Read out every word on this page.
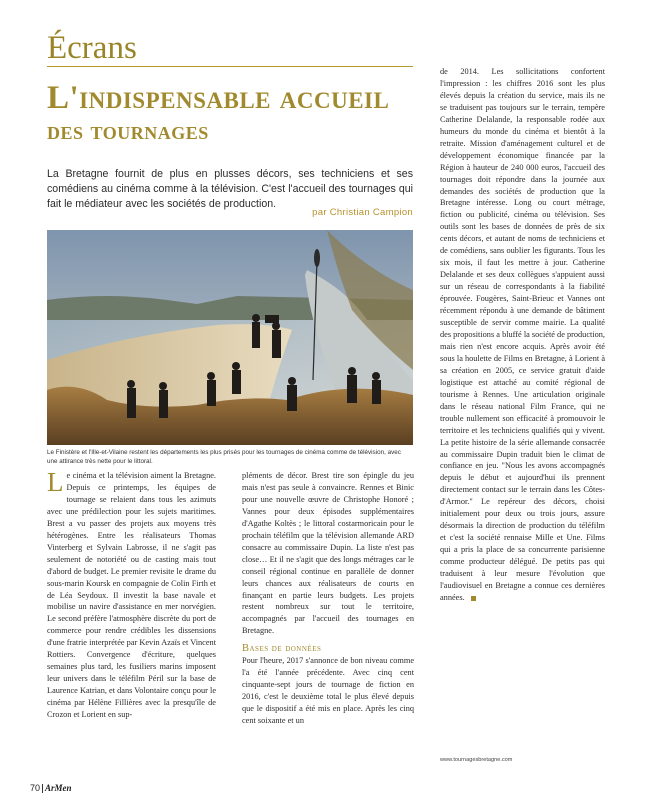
Écrans
L'indispensable accueil
des tournages

La Bretagne fournit de plus en plusses décors, ses techniciens et ses comédiens au cinéma comme à la télévision. C'est l'accueil des tournages qui fait le médiateur avec les sociétés de production.

par Christian Campion

Le Finistère et l'Ille-et-Vilaine restent les départements les plus prisés pour les tournages de cinéma comme de télévision, avec une attirance très nette pour le littoral.

Le cinéma et la télévision aiment la Bretagne. Depuis ce printemps, les équipes de tournage se relaient dans tous les azimuts avec une prédilection pour les sujets maritimes. Brest a vu passer des projets aux moyens très hétérogènes. Entre les réalisateurs Thomas Vinterberg et Sylvain Labrosse, il ne s'agit pas seulement de notoriété ou de casting mais tout d'abord de budget. Le premier revisite le drame du sous-marin Koursk en compagnie de Colin Firth et de Léa Seydoux. Il investit la base navale et mobilise un navire d'assistance en mer norvégien. Le second préfère l'atmosphère discrète du port de commerce pour rendre crédibles les dissensions d'une fratrie interprétée par Kevin Azaïs et Vincent Rottiers. Convergence d'écriture, quelques semaines plus tard, les fusiliers marins imposent leur univers dans le téléfilm Péril sur la base de Laurence Katrian, et dans Volontaire conçu pour le cinéma par Hélène Fillières avec la presqu'île de Crozon et Lorient en sup-

pléments de décor. Brest tire son épingle du jeu mais n'est pas seule à convaincre. Rennes et Binic pour une nouvelle œuvre de Christophe Honoré ; Vannes pour deux épisodes supplémentaires d'Agathe Koltès ; le littoral costarmoricain pour le prochain téléfilm que la télévision allemande ARD consacre au commissaire Dupin. La liste n'est pas close… Et il ne s'agit que des longs métrages car le conseil régional continue en parallèle de donner leurs chances aux réalisateurs de courts en finançant en partie leurs budgets. Les projets restent nombreux sur tout le territoire, accompagnés par l'accueil des tournages en Bretagne.

Bases de données

Pour l'heure, 2017 s'annonce de bon niveau comme l'a été l'année précédente. Avec cinq cent cinquante-sept jours de tournage de fiction en 2016, c'est le deuxième total le plus élevé depuis que le dispositif a été mis en place. Après les cinq cent soixante et un

de 2014. Les sollicitations confortent l'impression : les chiffres 2016 sont les plus élevés depuis la création du service, mais ils ne se traduisent pas toujours sur le terrain, tempère Catherine Delalande, la responsable rodée aux humeurs du monde du cinéma et bientôt à la retraite. Mission d'aménagement culturel et de développement économique financée par la Région à hauteur de 240 000 euros, l'accueil des tournages doit répondre dans la journée aux demandes des sociétés de production que la Bretagne intéresse. Long ou court métrage, fiction ou publicité, cinéma ou télévision. Ses outils sont les bases de données de près de six cents décors, et autant de noms de techniciens et de comédiens, sans oublier les figurants. Tous les six mois, il faut les mettre à jour. Catherine Delalande et ses deux collègues s'appuient aussi sur un réseau de correspondants à la fiabilité éprouvée. Fougères, Saint-Brieuc et Vannes ont récemment répondu à une demande de bâtiment susceptible de servir comme mairie. La qualité des propositions a bluffé la société de production, mais rien n'est encore acquis. Après avoir été sous la houlette de Films en Bretagne, à Lorient à sa création en 2005, ce service gratuit d'aide logistique est attaché au comité régional de tourisme à Rennes. Une articulation originale dans le réseau national Film France, qui ne trouble nullement son efficacité à promouvoir le territoire et les techniciens qualifiés qui y vivent. La petite histoire de la série allemande consacrée au commissaire Dupin traduit bien le climat de confiance en jeu. "Nous les avons accompagnés depuis le début et aujourd'hui ils prennent directement contact sur le terrain dans les Côtes-d'Armor." Le repéreur des décors, choisi initialement pour deux ou trois jours, assure désormais la direction de production du téléfilm et c'est la société rennaise Mille et Une. Films qui a pris la place de sa concurrente parisienne comme producteur délégué. De petits pas qui traduisent à leur mesure l'évolution que l'audiovisuel en Bretagne a connue ces dernières années.
www.tournagesbretagne.com
70 ArMen
